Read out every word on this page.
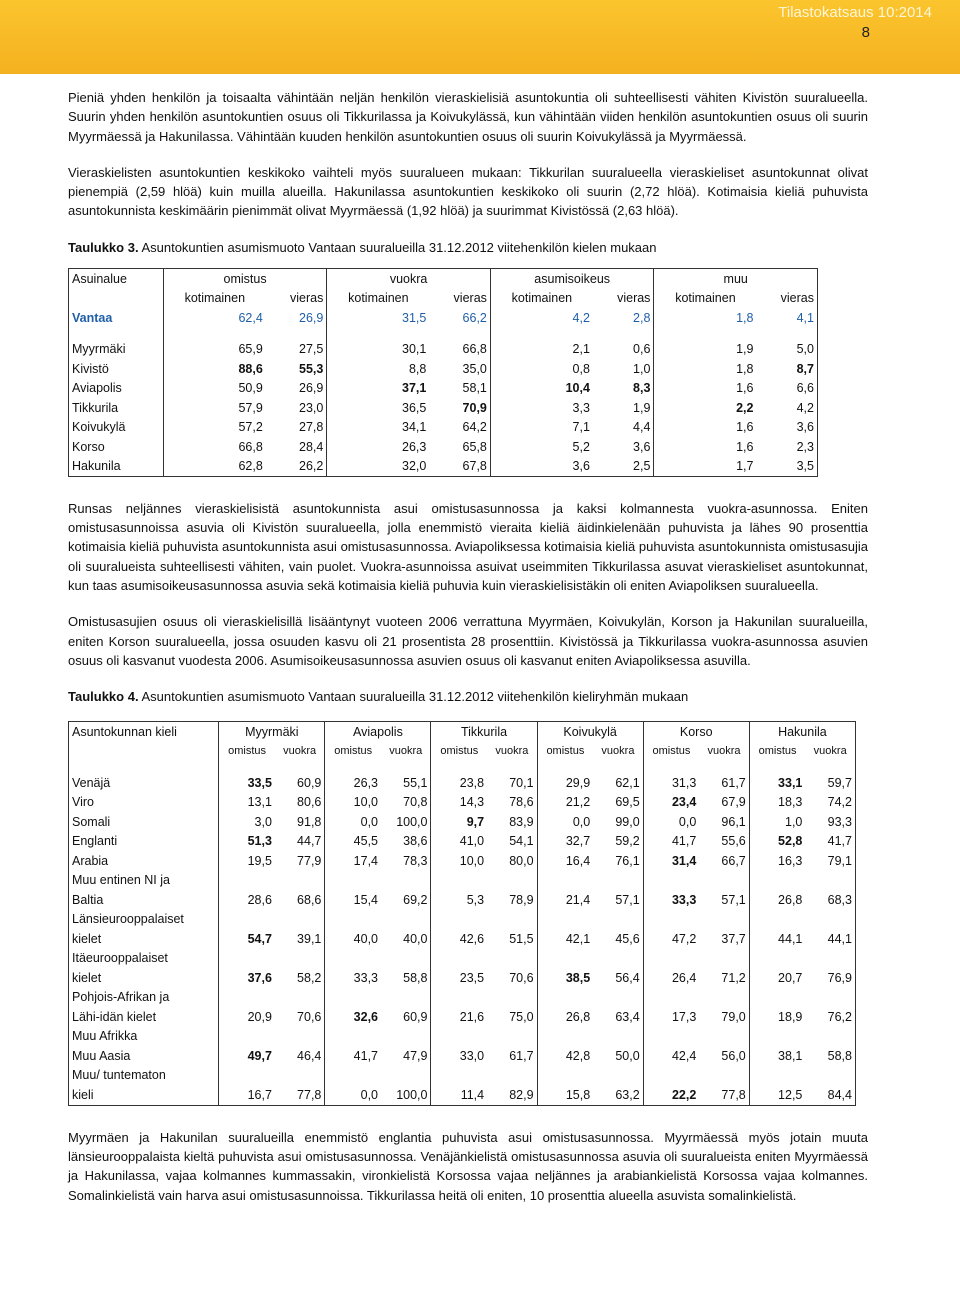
Tilastokatsaus 10:2014
8

Pieniä yhden henkilön ja toisaalta vähintään neljän henkilön vieraskielisiä asuntokuntia oli suhteellisesti vähiten Kivistön suuralueella. Suurin yhden henkilön asuntokuntien osuus oli Tikkurilassa ja Koivukylässä, kun vähintään viiden henkilön asuntokuntien osuus oli suurin Myyrmäessä ja Hakunilassa. Vähintään kuuden henkilön asuntokuntien osuus oli suurin Koivukylässä ja Myyrmäessä.

Vieraskielisten asuntokuntien keskikoko vaihteli myös suuralueen mukaan: Tikkurilan suuralueella vieraskieliset asuntokunnat olivat pienempiä (2,59 hlöä) kuin muilla alueilla. Hakunilassa asuntokuntien keskikoko oli suurin (2,72 hlöä). Kotimaisia kieliä puhuvista asuntokunnista keskimäärin pienimmät olivat Myyrmäessä (1,92 hlöä) ja suurimmat Kivistössä (2,63 hlöä).

Taulukko 3. Asuntokuntien asumismuoto Vantaan suuralueilla 31.12.2012 viitehenkilön kielen mukaan

Asuinalue	omistus		vuokra		asumisoikeus		muu	
	kotimainen	vieras	kotimainen	vieras	kotimainen	vieras	kotimainen	vieras
Vantaa	62,4	26,9	31,5	66,2	4,2	2,8	1,8	4,1

Myyrmäki	65,9	27,5	30,1	66,8	2,1	0,6	1,9	5,0
Kivistö	88,6	55,3	8,8	35,0	0,8	1,0	1,8	8,7
Aviapolis	50,9	26,9	37,1	58,1	10,4	8,3	1,6	6,6
Tikkurila	57,9	23,0	36,5	70,9	3,3	1,9	2,2	4,2
Koivukylä	57,2	27,8	34,1	64,2	7,1	4,4	1,6	3,6
Korso	66,8	28,4	26,3	65,8	5,2	3,6	1,6	2,3
Hakunila	62,8	26,2	32,0	67,8	3,6	2,5	1,7	3,5

Runsas neljännes vieraskielisistä asuntokunnista asui omistusasunnossa ja kaksi kolmannesta vuokra-asunnossa. Eniten omistusasunnoissa asuvia oli Kivistön suuralueella, jolla enemmistö vieraita kieliä äidinkielenään puhuvista ja lähes 90 prosenttia kotimaisia kieliä puhuvista asuntokunnista asui omistusasunnossa. Aviapoliksessa kotimaisia kieliä puhuvista asuntokunnista omistusasujia oli suuralueista suhteellisesti vähiten, vain puolet. Vuokra-asunnoissa asuivat useimmiten Tikkurilassa asuvat vieraskieliset asuntokunnat, kun taas asumisoikeusasunnossa asuvia sekä kotimaisia kieliä puhuvia kuin vieraskielisistäkin oli eniten Aviapoliksen suuralueella.

Omistusasujien osuus oli vieraskielisillä lisääntynyt vuoteen 2006 verrattuna Myyrmäen, Koivukylän, Korson ja Hakunilan suuralueilla, eniten Korson suuralueella, jossa osuuden kasvu oli 21 prosentista 28 prosenttiin. Kivistössä ja Tikkurilassa vuokra-asunnossa asuvien osuus oli kasvanut vuodesta 2006. Asumisoikeusasunnossa asuvien osuus oli kasvanut eniten Aviapoliksessa asuvilla.

Taulukko 4. Asuntokuntien asumismuoto Vantaan suuralueilla 31.12.2012 viitehenkilön kieliryhmän mukaan

Asuntokunnan kieli	Myyrmäki		Aviapolis		Tikkurila		Koivukylä		Korso		Hakunila	
	omistus	vuokra	omistus	vuokra	omistus	vuokra	omistus	vuokra	omistus	vuokra	omistus	vuokra

Venäjä	33,5	60,9	26,3	55,1	23,8	70,1	29,9	62,1	31,3	61,7	33,1	59,7
Viro	13,1	80,6	10,0	70,8	14,3	78,6	21,2	69,5	23,4	67,9	18,3	74,2
Somali	3,0	91,8	0,0	100,0	9,7	83,9	0,0	99,0	0,0	96,1	1,0	93,3
Englanti	51,3	44,7	45,5	38,6	41,0	54,1	32,7	59,2	41,7	55,6	52,8	41,7
Arabia	19,5	77,9	17,4	78,3	10,0	80,0	16,4	76,1	31,4	66,7	16,3	79,1
Muu entinen NI ja												
Baltia	28,6	68,6	15,4	69,2	5,3	78,9	21,4	57,1	33,3	57,1	26,8	68,3
Länsieurooppalaiset												
kielet	54,7	39,1	40,0	40,0	42,6	51,5	42,1	45,6	47,2	37,7	44,1	44,1
Itäeurooppalaiset												
kielet	37,6	58,2	33,3	58,8	23,5	70,6	38,5	56,4	26,4	71,2	20,7	76,9
Pohjois-Afrikan ja												
Lähi-idän kielet	20,9	70,6	32,6	60,9	21,6	75,0	26,8	63,4	17,3	79,0	18,9	76,2
Muu Afrikka												
Muu Aasia	49,7	46,4	41,7	47,9	33,0	61,7	42,8	50,0	42,4	56,0	38,1	58,8
Muu/ tuntematon												
kieli	16,7	77,8	0,0	100,0	11,4	82,9	15,8	63,2	22,2	77,8	12,5	84,4

Myyrmäen ja Hakunilan suuralueilla enemmistö englantia puhuvista asui omistusasunnossa. Myyrmäessä myös jotain muuta länsieurooppalaista kieltä puhuvista asui omistusasunnossa. Venäjänkielistä omistusasunnossa asuvia oli suuralueista eniten Myyrmäessä ja Hakunilassa, vajaa kolmannes kummassakin, vironkielistä Korsossa vajaa neljännes ja arabiankielistä Korsossa vajaa kolmannes. Somalinkielistä vain harva asui omistusasunnoissa. Tikkurilassa heitä oli eniten, 10 prosenttia alueella asuvista somalinkielistä.
